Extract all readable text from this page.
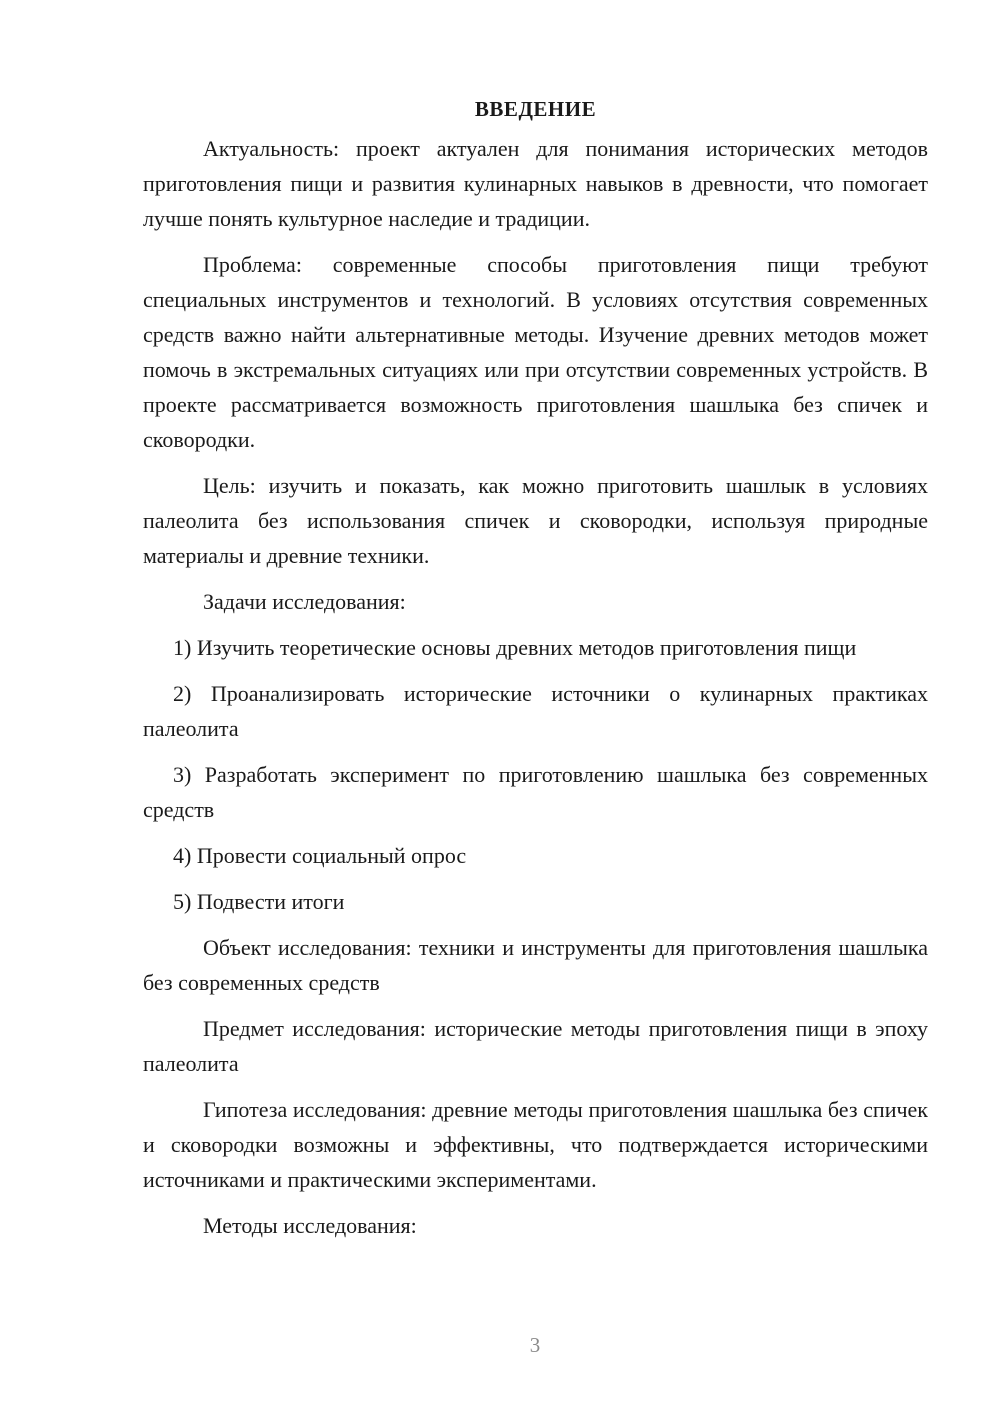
ВВЕДЕНИЕ

Актуальность: проект актуален для понимания исторических методов приготовления пищи и развития кулинарных навыков в древности, что помогает лучше понять культурное наследие и традиции.

Проблема: современные способы приготовления пищи требуют специальных инструментов и технологий. В условиях отсутствия современных средств важно найти альтернативные методы. Изучение древних методов может помочь в экстремальных ситуациях или при отсутствии современных устройств. В проекте рассматривается возможность приготовления шашлыка без спичек и сковородки.

Цель: изучить и показать, как можно приготовить шашлык в условиях палеолита без использования спичек и сковородки, используя природные материалы и древние техники.

Задачи исследования:

1) Изучить теоретические основы древних методов приготовления пищи

2) Проанализировать исторические источники о кулинарных практиках палеолита

3) Разработать эксперимент по приготовлению шашлыка без современных средств

4) Провести социальный опрос

5) Подвести итоги

Объект исследования: техники и инструменты для приготовления шашлыка без современных средств

Предмет исследования: исторические методы приготовления пищи в эпоху палеолита

Гипотеза исследования: древние методы приготовления шашлыка без спичек и сковородки возможны и эффективны, что подтверждается историческими источниками и практическими экспериментами.

Методы исследования:

3
